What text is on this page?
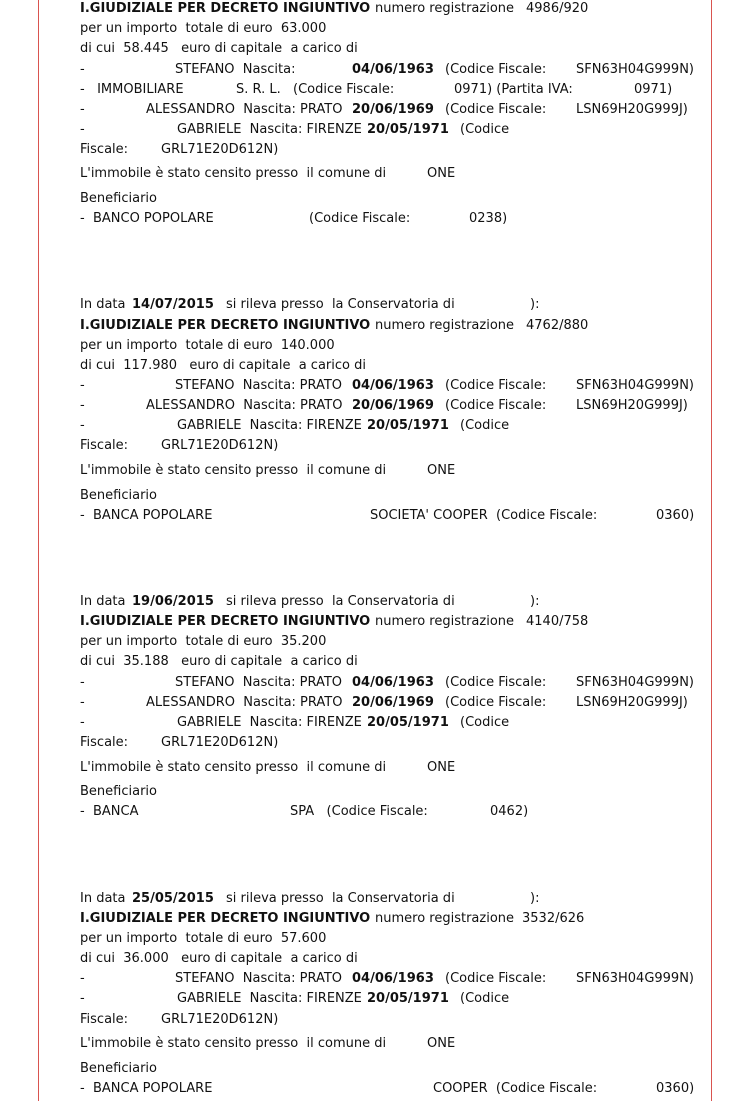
I.GIUDIZIALE PER DECRETO INGIUNTIVO numero registrazione 4986/920
per un importo  totale di euro  63.000
di cui  58.445   euro di capitale  a carico di
-	STEFANO  Nascita:	04/06/1963 (Codice Fiscale: SFN63H04G999N)
-   IMMOBILIARE	S. R. L. (Codice Fiscale:	0971) (Partita IVA:	0971)
-	ALESSANDRO  Nascita: PRATO 20/06/1969 (Codice Fiscale: LSN69H20G999J)
-	GABRIELE  Nascita: FIRENZE 20/05/1971 (Codice
Fiscale:	GRL71E20D612N)
L'immobile è stato censito presso  il comune di	ONE
Beneficiario
-  BANCO POPOLARE	(Codice Fiscale:	0238)
In data 14/07/2015 si rileva presso  la Conservatoria di	):
I.GIUDIZIALE PER DECRETO INGIUNTIVO numero registrazione 4762/880
per un importo  totale di euro  140.000
di cui  117.980   euro di capitale  a carico di
-	STEFANO  Nascita: PRATO 04/06/1963 (Codice Fiscale: SFN63H04G999N)
-	ALESSANDRO  Nascita: PRATO 20/06/1969 (Codice Fiscale: LSN69H20G999J)
-	GABRIELE  Nascita: FIRENZE 20/05/1971 (Codice
Fiscale:	GRL71E20D612N)
L'immobile è stato censito presso  il comune di	ONE
Beneficiario
-  BANCA POPOLARE	SOCIETA' COOPER  (Codice Fiscale:	0360)
In data 19/06/2015 si rileva presso  la Conservatoria di	):
I.GIUDIZIALE PER DECRETO INGIUNTIVO numero registrazione 4140/758
per un importo  totale di euro  35.200
di cui  35.188   euro di capitale  a carico di
-	STEFANO  Nascita: PRATO 04/06/1963 (Codice Fiscale: SFN63H04G999N)
-	ALESSANDRO  Nascita: PRATO 20/06/1969 (Codice Fiscale: LSN69H20G999J)
-	GABRIELE  Nascita: FIRENZE 20/05/1971 (Codice
Fiscale:	GRL71E20D612N)
L'immobile è stato censito presso  il comune di	ONE
Beneficiario
-  BANCA	SPA   (Codice Fiscale:	0462)
In data 25/05/2015 si rileva presso  la Conservatoria di	):
I.GIUDIZIALE PER DECRETO INGIUNTIVO numero registrazione 3532/626
per un importo  totale di euro  57.600
di cui  36.000   euro di capitale  a carico di
-	STEFANO  Nascita: PRATO 04/06/1963 (Codice Fiscale: SFN63H04G999N)
-	GABRIELE  Nascita: FIRENZE 20/05/1971 (Codice
Fiscale:	GRL71E20D612N)
L'immobile è stato censito presso  il comune di	ONE
Beneficiario
-  BANCA POPOLARE	COOPER  (Codice Fiscale:	0360)
